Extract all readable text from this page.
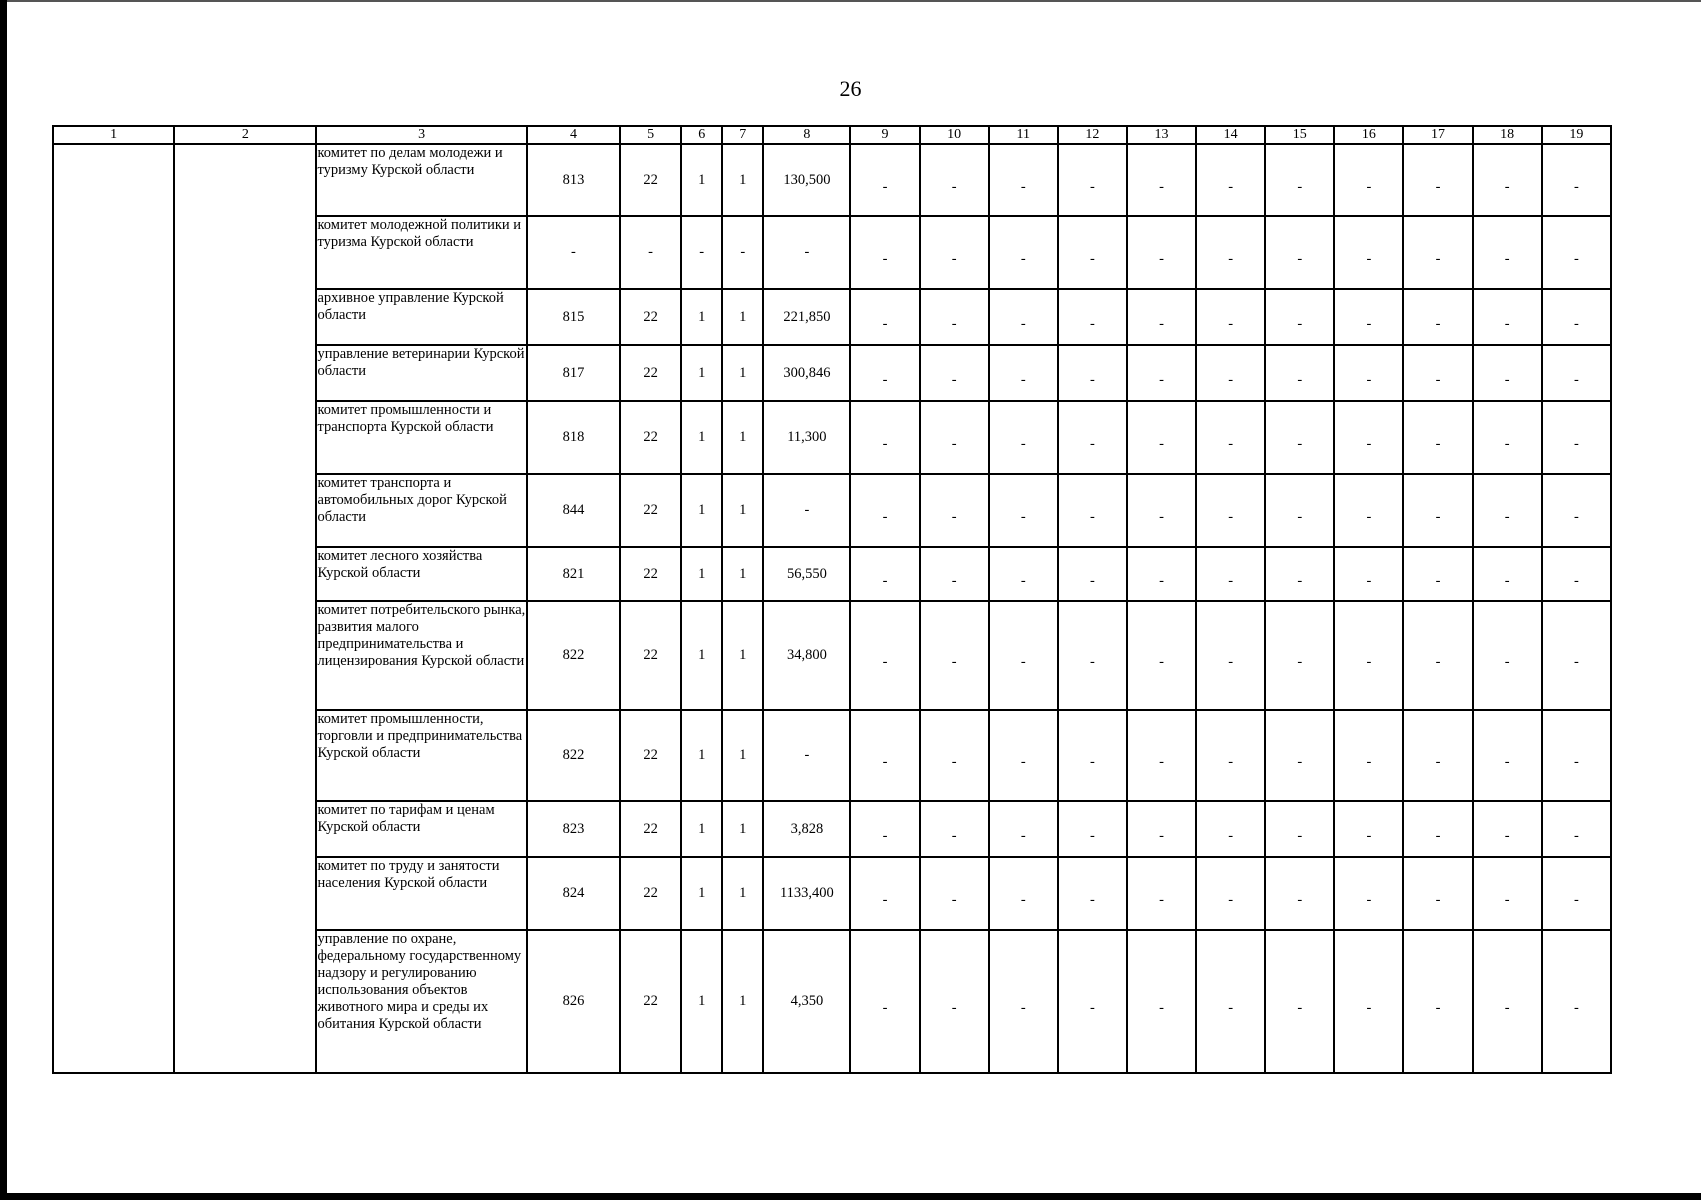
26
1	2	3	4	5	6	7	8	9	10	11	12	13	14	15	16	17	18	19
		комитет по делам молодежи и туризму Курской области	813	22	1	1	130,500	-	-	-	-	-	-	-	-	-	-	-
		комитет молодежной политики и туризма Курской области	-	-	-	-	-	-	-	-	-	-	-	-	-	-	-	-
		архивное управление Курской области	815	22	1	1	221,850	-	-	-	-	-	-	-	-	-	-	-
		управление ветеринарии Курской области	817	22	1	1	300,846	-	-	-	-	-	-	-	-	-	-	-
		комитет промышленности и транспорта Курской области	818	22	1	1	11,300	-	-	-	-	-	-	-	-	-	-	-
		комитет транспорта и автомобильных дорог Курской области	844	22	1	1	-	-	-	-	-	-	-	-	-	-	-	-
		комитет лесного хозяйства Курской области	821	22	1	1	56,550	-	-	-	-	-	-	-	-	-	-	-
		комитет потребительского рынка, развития малого предпринимательства и лицензирования Курской области	822	22	1	1	34,800	-	-	-	-	-	-	-	-	-	-	-
		комитет промышленности, торговли и предпринимательства Курской области	822	22	1	1	-	-	-	-	-	-	-	-	-	-	-	-
		комитет по тарифам и ценам Курской области	823	22	1	1	3,828	-	-	-	-	-	-	-	-	-	-	-
		комитет по труду и занятости населения Курской области	824	22	1	1	1133,400	-	-	-	-	-	-	-	-	-	-	-
		управление по охране, федеральному государственному надзору и регулированию использования объектов животного мира и среды их обитания Курской области	826	22	1	1	4,350	-	-	-	-	-	-	-	-	-	-	-
